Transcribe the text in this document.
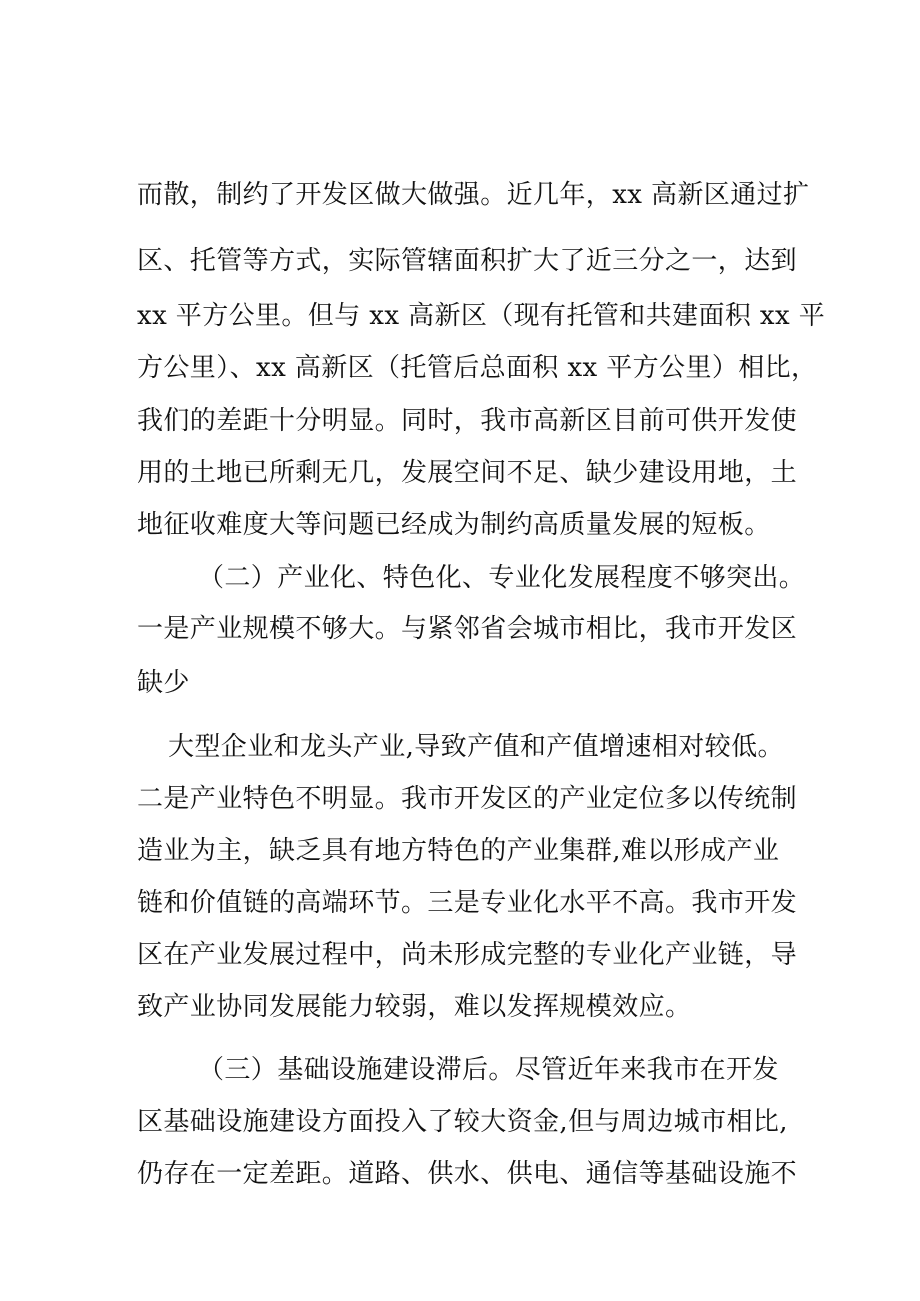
而散，制约了开发区做大做强。近几年，xx 高新区通过扩
区、托管等方式，实际管辖面积扩大了近三分之一，达到
xx 平方公里。但与 xx 高新区（现有托管和共建面积 xx 平
方公里）、xx 高新区（托管后总面积 xx 平方公里）相比，
我们的差距十分明显。同时，我市高新区目前可供开发使
用的土地已所剩无几，发展空间不足、缺少建设用地，土
地征收难度大等问题已经成为制约高质量发展的短板。
（二）产业化、特色化、专业化发展程度不够突出。
一是产业规模不够大。与紧邻省会城市相比，我市开发区
缺少
大型企业和龙头产业,导致产值和产值增速相对较低。
二是产业特色不明显。我市开发区的产业定位多以传统制
造业为主，缺乏具有地方特色的产业集群,难以形成产业
链和价值链的高端环节。三是专业化水平不高。我市开发
区在产业发展过程中，尚未形成完整的专业化产业链，导
致产业协同发展能力较弱，难以发挥规模效应。
（三）基础设施建设滞后。尽管近年来我市在开发
区基础设施建设方面投入了较大资金,但与周边城市相比,
仍存在一定差距。道路、供水、供电、通信等基础设施不
